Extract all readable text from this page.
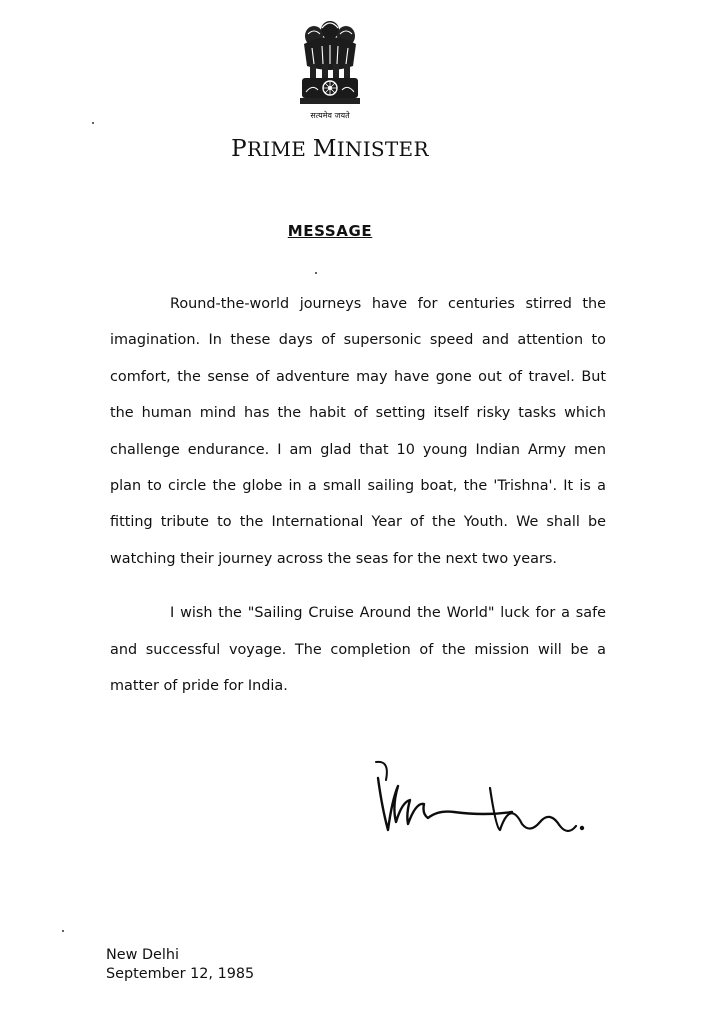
सत्यमेव जयते
PRIME MINISTER
MESSAGE

Round-the-world journeys have for centuries stirred the imagination. In these days of supersonic speed and attention to comfort, the sense of adventure may have gone out of travel. But the human mind has the habit of setting itself risky tasks which challenge endurance. I am glad that 10 young Indian Army men plan to circle the globe in a small sailing boat, the 'Trishna'. It is a fitting tribute to the International Year of the Youth. We shall be watching their journey across the seas for the next two years.

I wish the "Sailing Cruise Around the World" luck for a safe and successful voyage. The completion of the mission will be a matter of pride for India.

New Delhi
September 12, 1985
